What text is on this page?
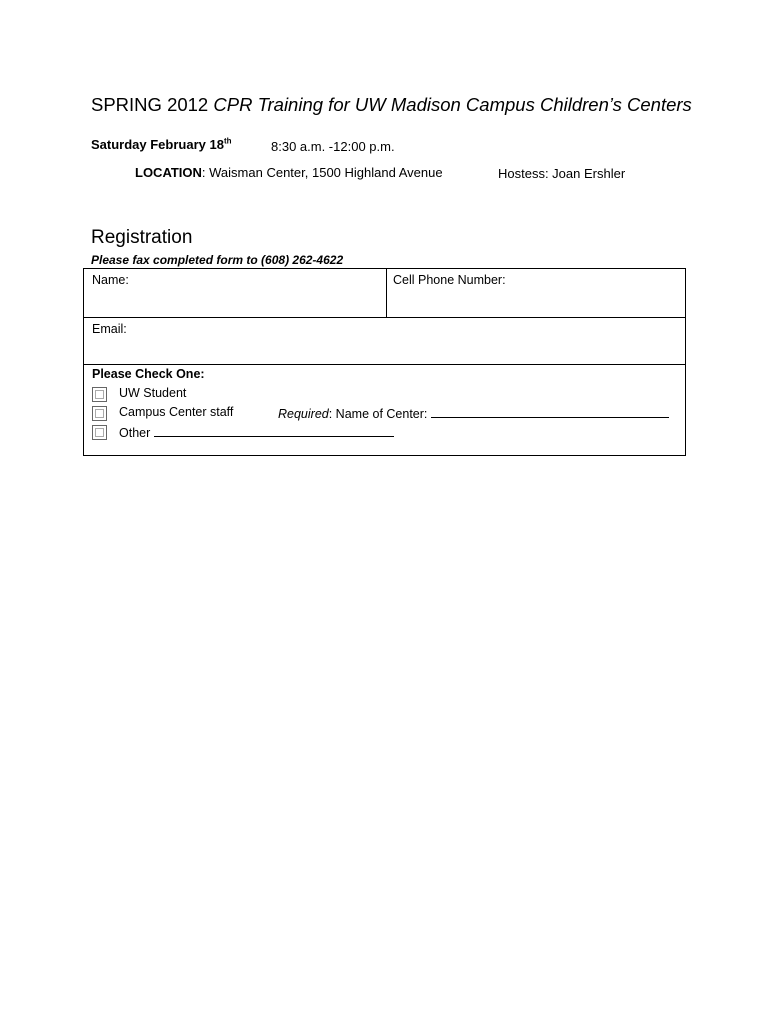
SPRING 2012 CPR Training for UW Madison Campus Children’s Centers
Saturday February 18th	8:30 a.m. -12:00 p.m.
LOCATION: Waisman Center, 1500 Highland Avenue	Hostess: Joan Ershler
Registration
Please fax completed form to (608) 262-4622
Name:	Cell Phone Number:
Email:
Please Check One:
UW Student
Campus Center staff	Required: Name of Center:
Other
